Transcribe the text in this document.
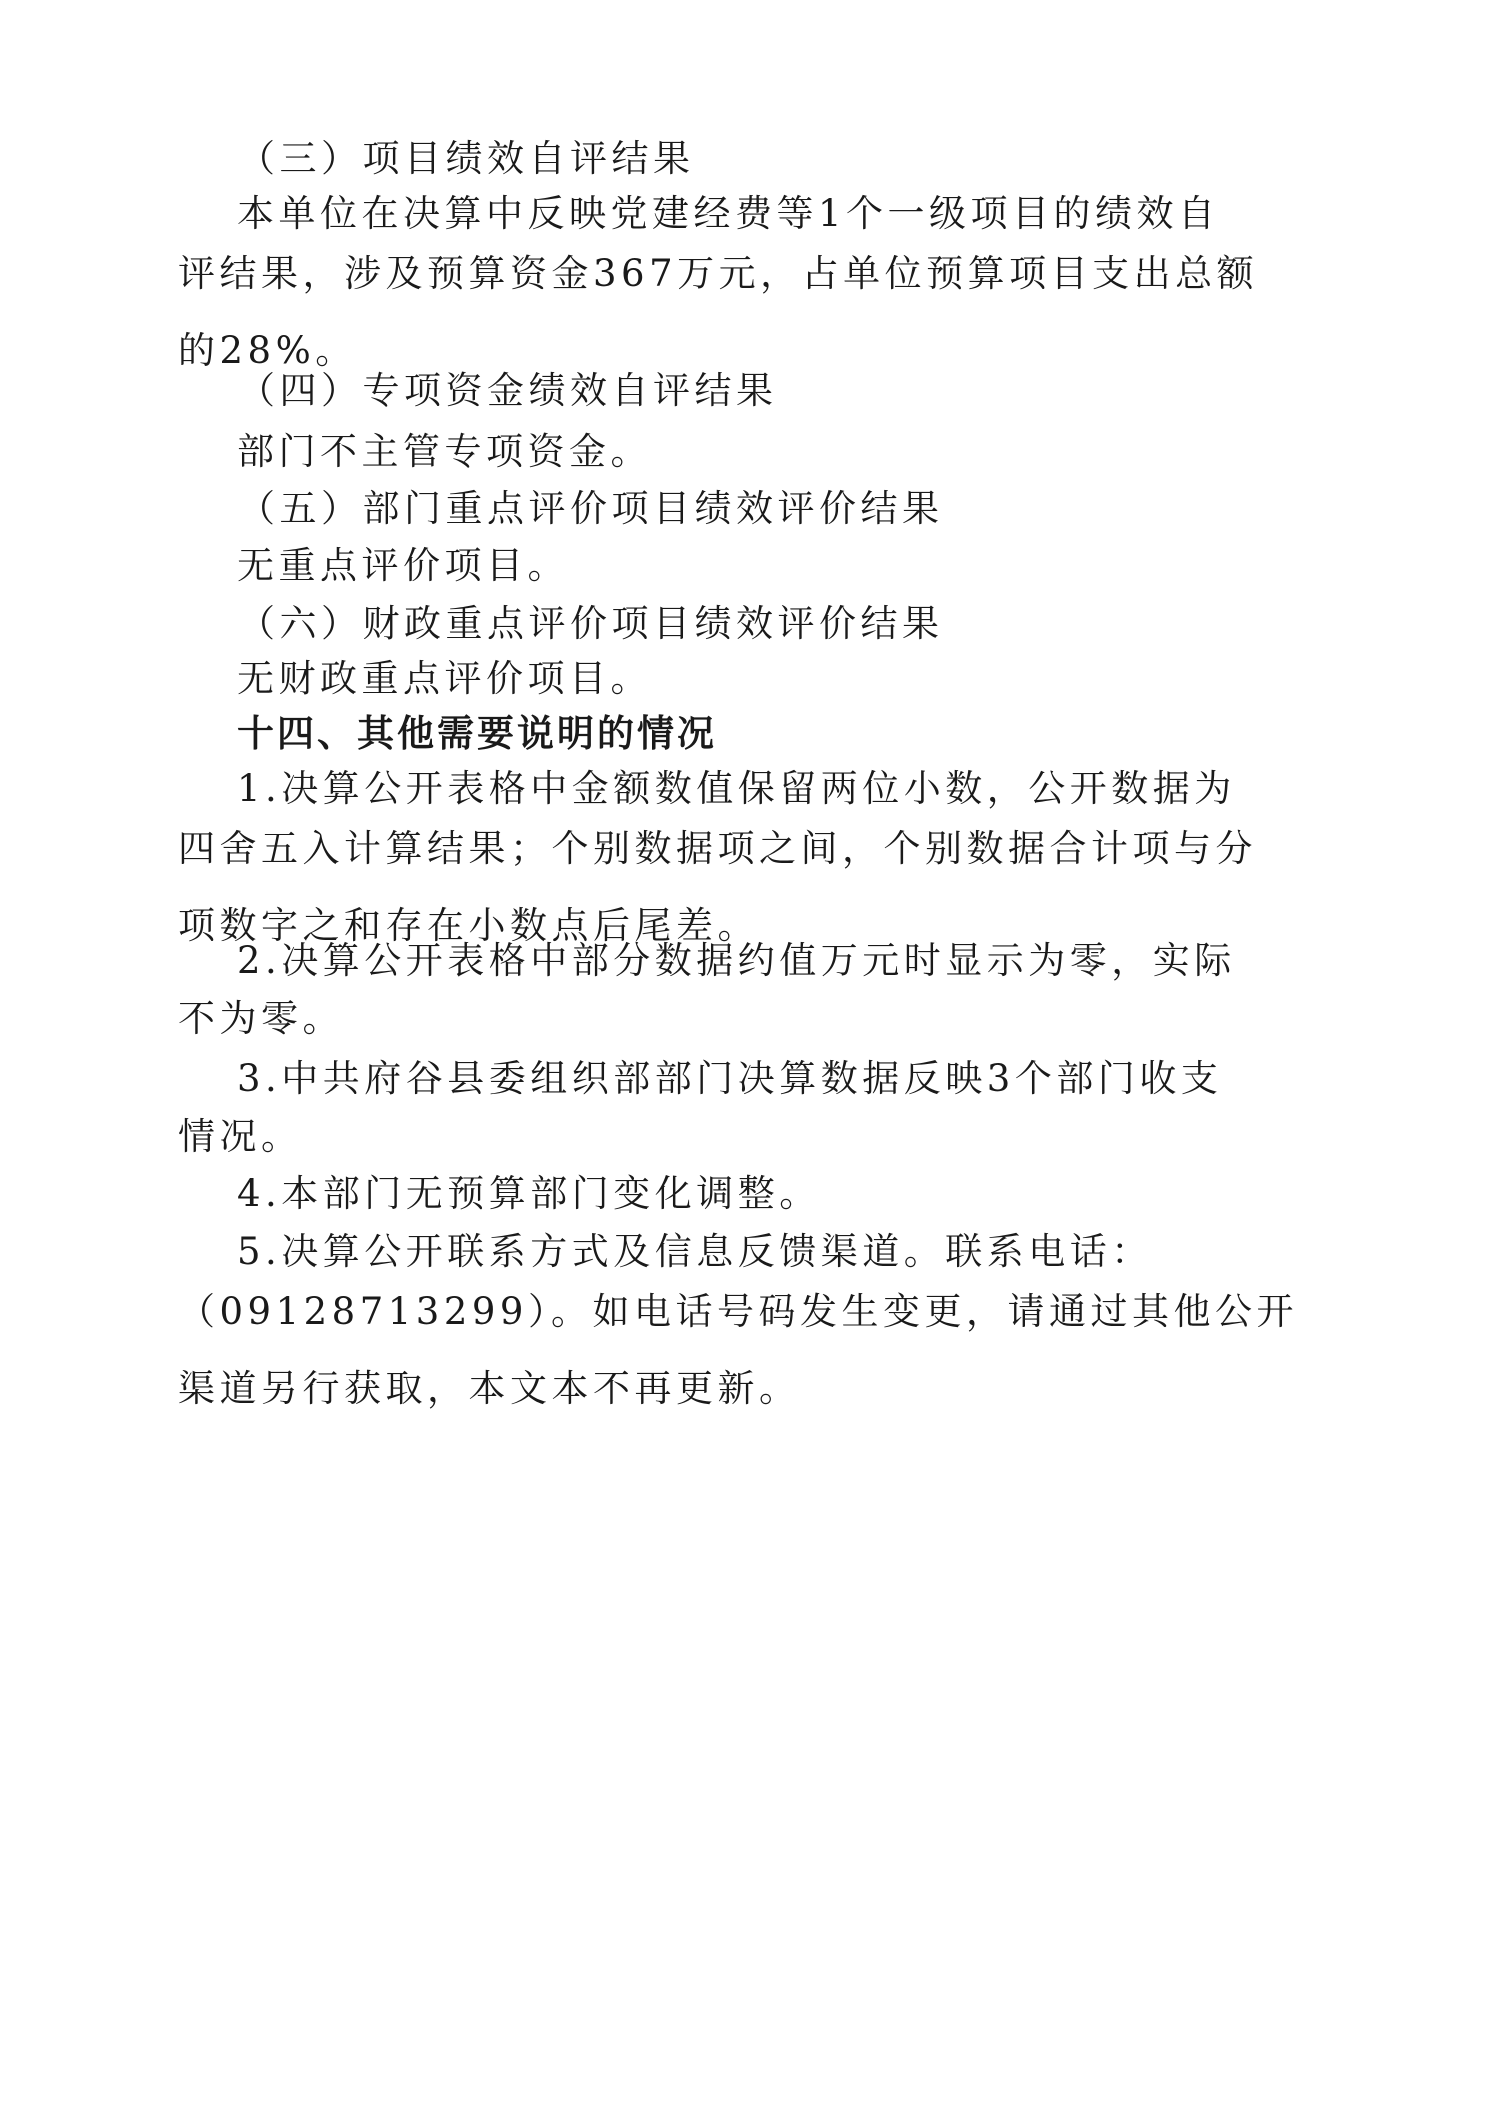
（三）项目绩效自评结果

本单位在决算中反映党建经费等1个一级项目的绩效自

评结果，涉及预算资金367万元，占单位预算项目支出总额
的28%。

（四）专项资金绩效自评结果

部门不主管专项资金。

（五）部门重点评价项目绩效评价结果

无重点评价项目。

（六）财政重点评价项目绩效评价结果

无财政重点评价项目。

十四、其他需要说明的情况

1.决算公开表格中金额数值保留两位小数，公开数据为

四舍五入计算结果；个别数据项之间，个别数据合计项与分
项数字之和存在小数点后尾差。

2.决算公开表格中部分数据约值万元时显示为零，实际

不为零。

3.中共府谷县委组织部部门决算数据反映3个部门收支

情况。

4.本部门无预算部门变化调整。

5.决算公开联系方式及信息反馈渠道。联系电话：

（09128713299）。如电话号码发生变更，请通过其他公开
渠道另行获取，本文本不再更新。
